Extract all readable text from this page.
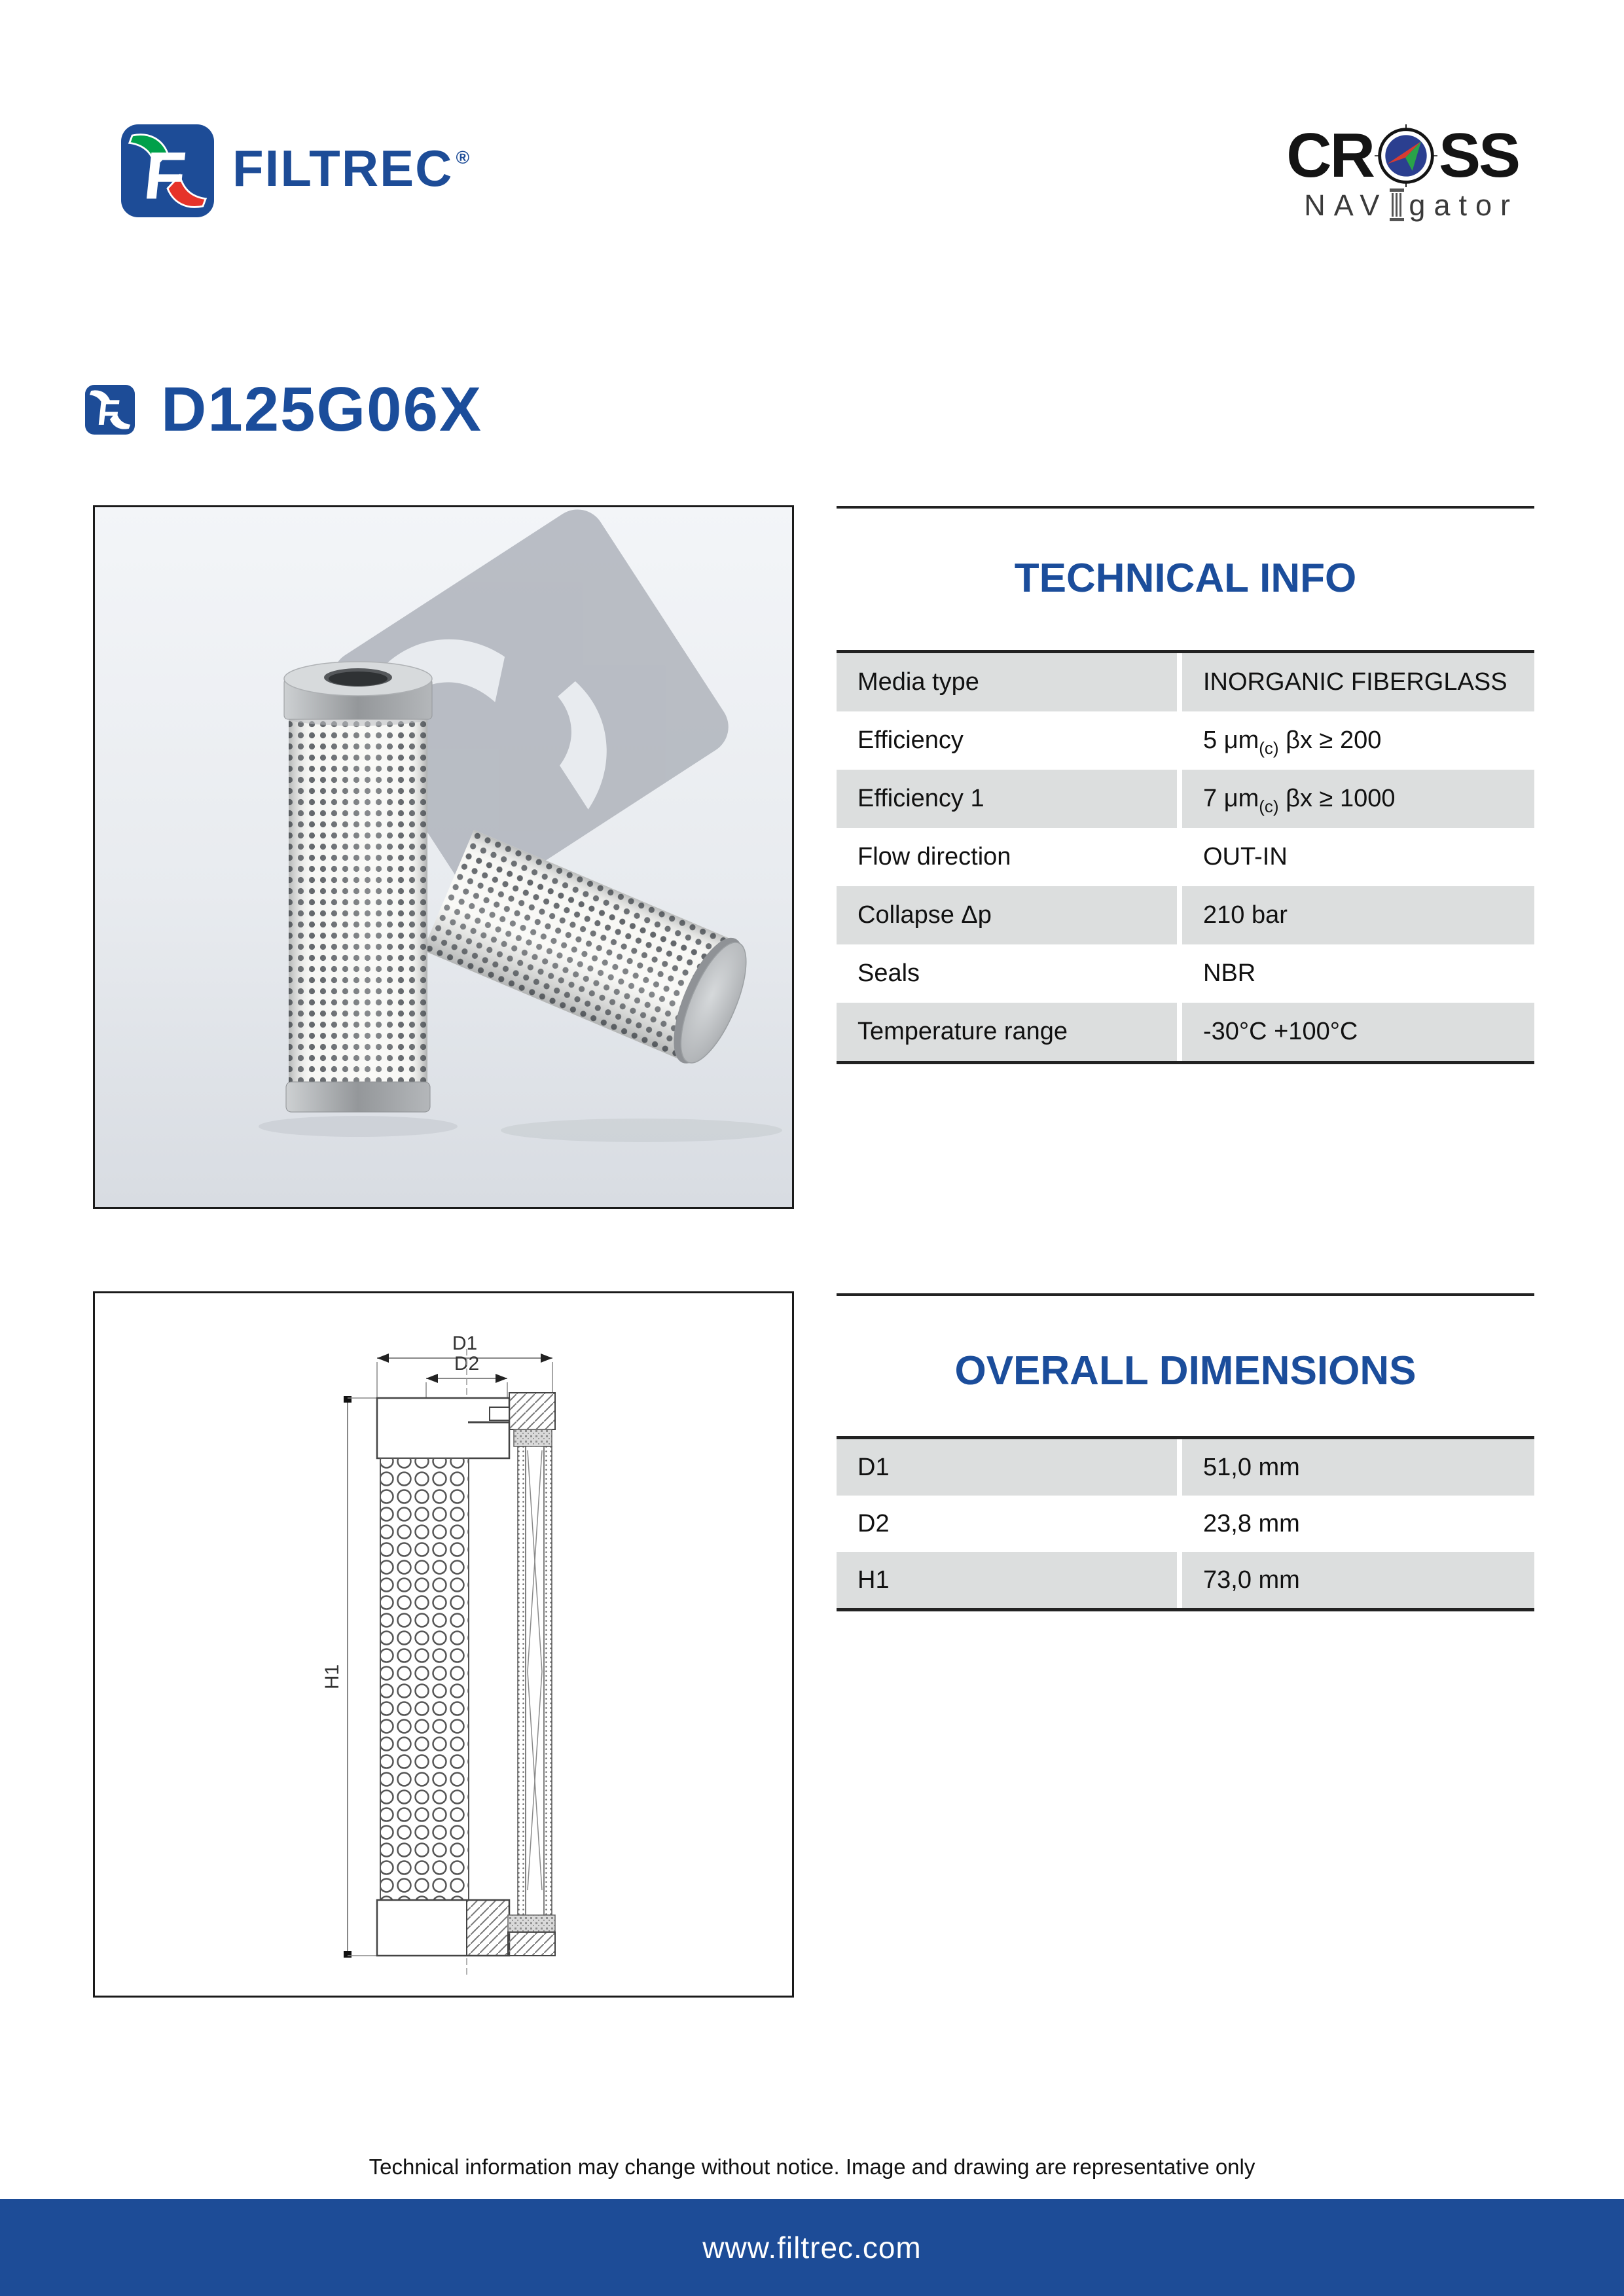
F FILTREC ®	CR SS
NAV gator
F D125G06X
TECHNICAL INFO
Media type	INORGANIC FIBERGLASS
Efficiency	5 μm (c) βx ≥ 200
Efficiency 1	7 μm (c) βx ≥ 1000
Flow direction	OUT-IN
Collapse Δp	210 bar
Seals	NBR
Temperature range	-30°C +100°C
D1
D2
H1
OVERALL DIMENSIONS
D1	51,0 mm
D2	23,8 mm
H1	73,0 mm
Technical information may change without notice. Image and drawing are representative only
www.filtrec.com
